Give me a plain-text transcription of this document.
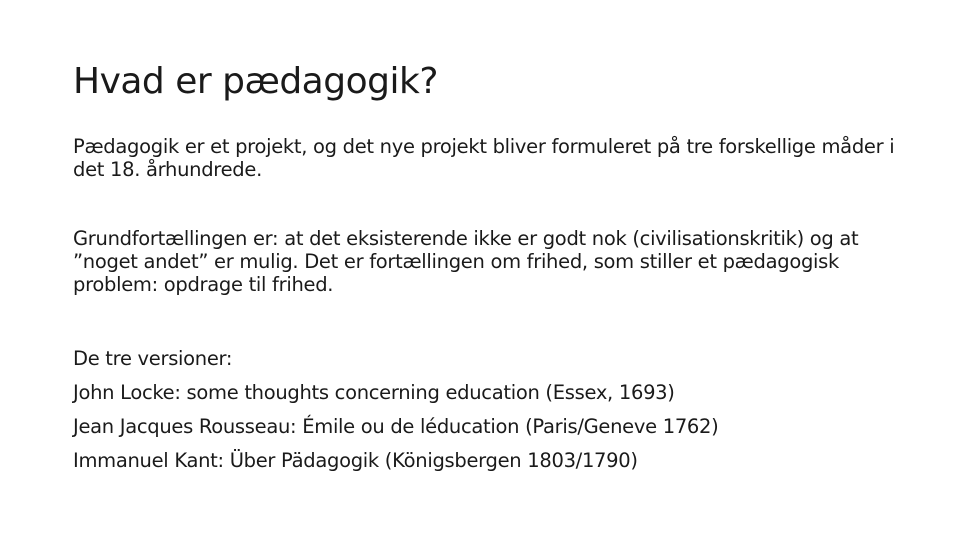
Hvad er pædagogik?

Pædagogik er et projekt, og det nye projekt bliver formuleret på tre forskellige måder i det 18. århundrede.

Grundfortællingen er: at det eksisterende ikke er godt nok (civilisationskritik) og at ”noget andet” er mulig. Det er fortællingen om frihed, som stiller et pædagogisk problem: opdrage til frihed.

De tre versioner:

John Locke: some thoughts concerning education (Essex, 1693)

Jean Jacques Rousseau: Émile ou de léducation (Paris/Geneve 1762)

Immanuel Kant: Über Pädagogik (Königsbergen 1803/1790)
